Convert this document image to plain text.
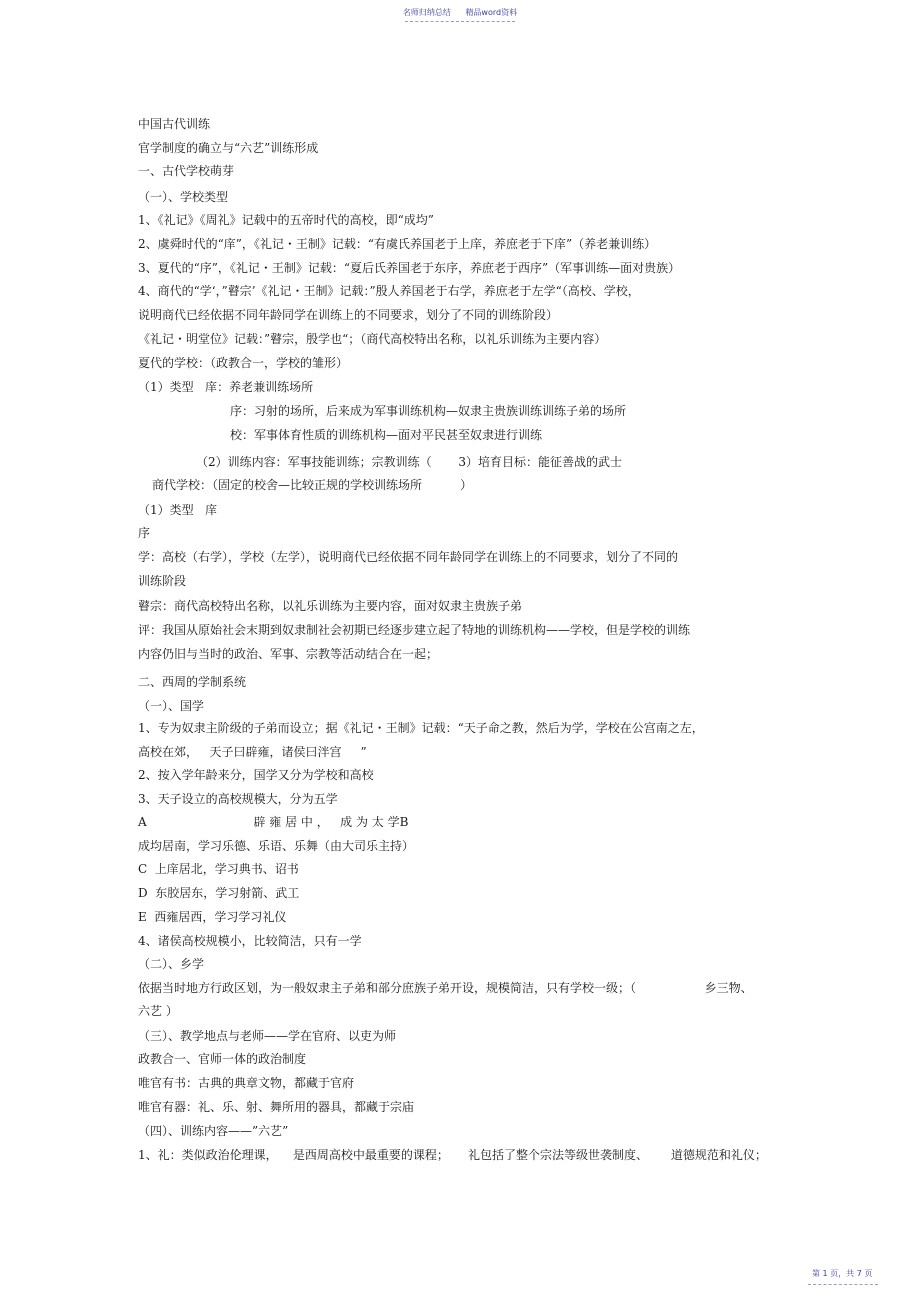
名师归纳总结 精品word资料
中国古代训练
官学制度的确立与“六艺”训练形成
一、古代学校萌芽
（一）、学校类型
1、《礼记》《周礼》记载中的五帝时代的高校，即“成均”
2、虞舜时代的“庠”，《礼记・王制》记载：“有虞氏养国老于上庠，养庶老于下庠”（养老兼训练）
3、夏代的“序”，《礼记・王制》记载：“夏后氏养国老于东序，养庶老于西序”（军事训练—面对贵族）
4、商代的“学‘，”瞽宗’《礼记・王制》记载：”殷人养国老于右学，养庶老于左学“（高校、学校，
说明商代已经依据不同年龄同学在训练上的不同要求，划分了不同的训练阶段）
《礼记・明堂位》记载：”瞽宗，殷学也“；（商代高校特出名称，以礼乐训练为主要内容）
夏代的学校：（政教合一，学校的雏形）
（1）类型   庠：养老兼训练场所
序：习射的场所，后来成为军事训练机构—奴隶主贵族训练训练子弟的场所
校：军事体育性质的训练机构—面对平民甚至奴隶进行训练
（2）训练内容：军事技能训练；宗教训练（       3）培育目标：能征善战的武士
商代学校：（固定的校舍—比较正规的学校训练场所          ）
（1）类型   庠
序
学：高校（右学），学校（左学），说明商代已经依据不同年龄同学在训练上的不同要求，划分了不同的
训练阶段
瞽宗：商代高校特出名称，以礼乐训练为主要内容，面对奴隶主贵族子弟
评：我国从原始社会末期到奴隶制社会初期已经逐步建立起了特地的训练机构——学校，但是学校的训练
内容仍旧与当时的政治、军事、宗教等活动结合在一起；
二、西周的学制系统
（一）、国学
1、专为奴隶主阶级的子弟而设立；据《礼记・王制》记载：“天子命之教，然后为学，学校在公宫南之左，
高校在郊，   天子曰辟雍，诸侯曰泮宫     ”
2、按入学年龄来分，国学又分为学校和高校
3、天子设立的高校规模大，分为五学
A                            辟 雍 居 中 ，   成 为 太 学B
成均居南，学习乐德、乐语、乐舞（由大司乐主持）
C  上庠居北，学习典书、诏书
D  东胶居东，学习射箭、武工
E  西雍居西，学习学习礼仪
4、诸侯高校规模小，比较简洁，只有一学
（二）、乡学
依据当时地方行政区划，为一般奴隶主子弟和部分庶族子弟开设，规模简洁，只有学校一级；（                  乡三物、
六艺 ）
（三）、教学地点与老师——学在官府、以吏为师
政教合一、官师一体的政治制度
唯官有书：古典的典章文物，都藏于官府
唯官有器：礼、乐、射、舞所用的器具，都藏于宗庙
（四）、训练内容——”六艺”
1、礼：类似政治伦理课，    是西周高校中最重要的课程；     礼包括了整个宗法等级世袭制度、      道德规范和礼仪；
第 1 页，共 7 页
